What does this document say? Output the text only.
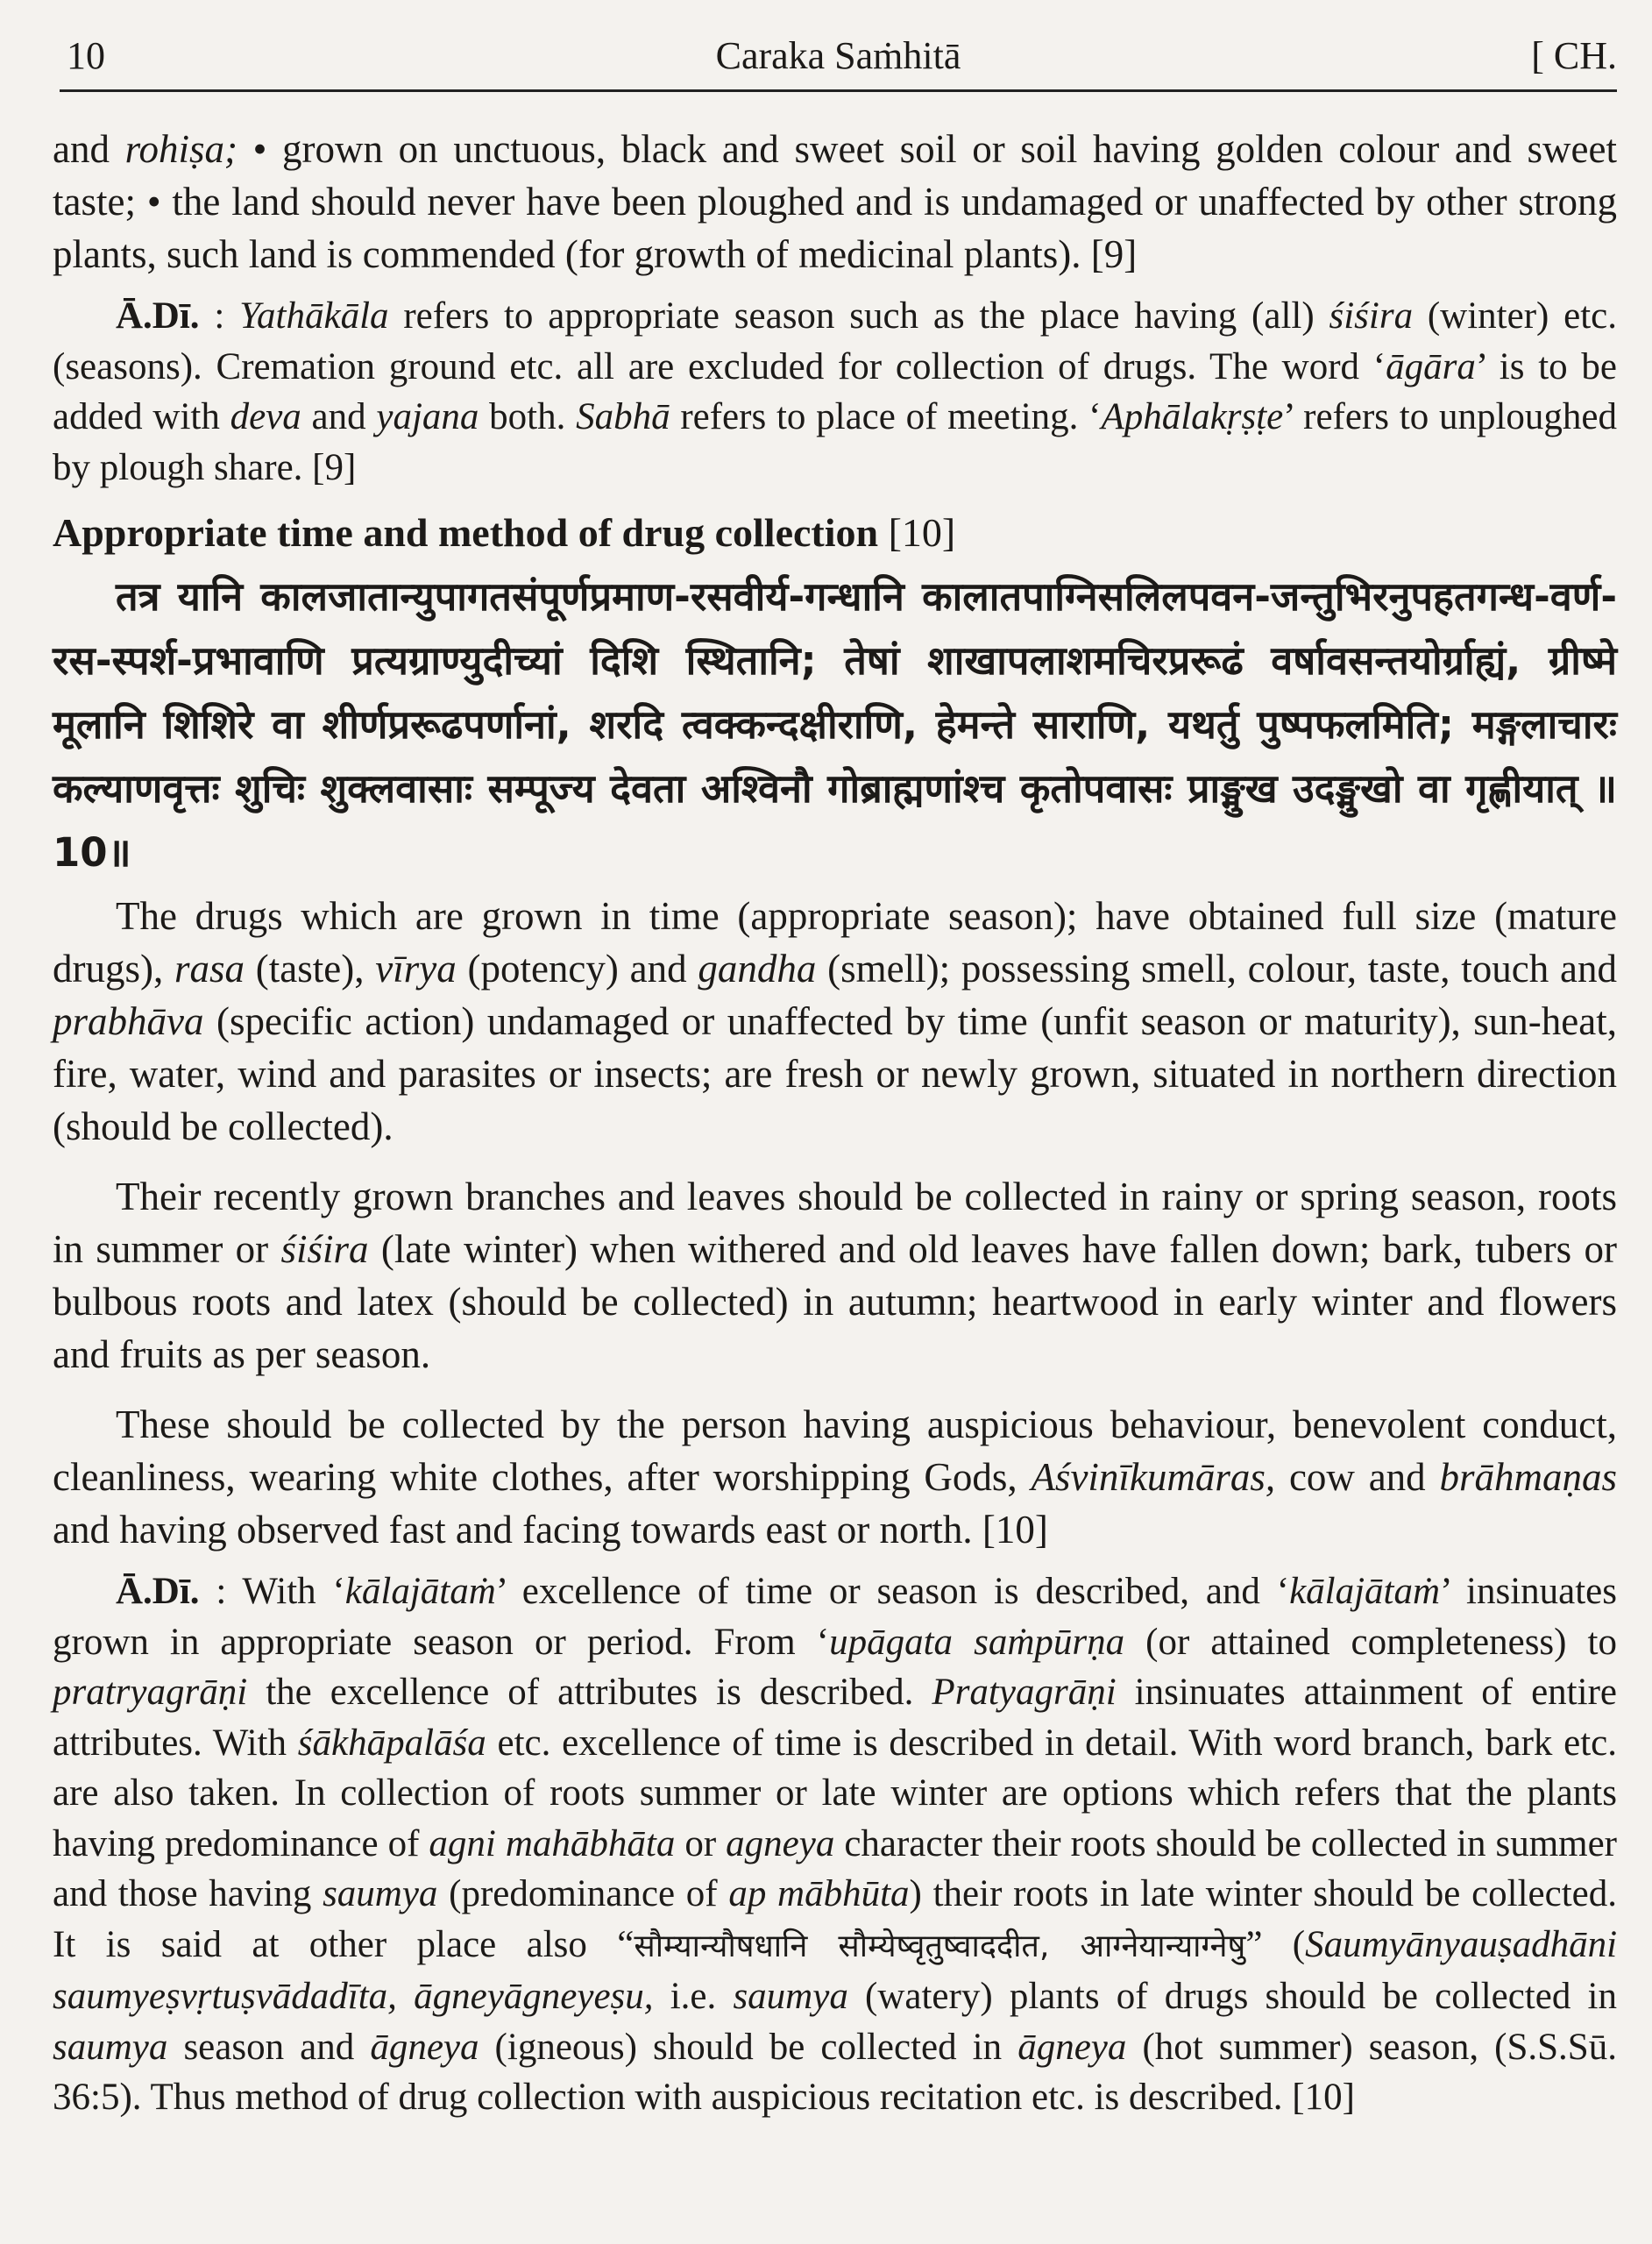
10	Caraka Saṁhitā	[ CH.

and rohiṣa; • grown on unctuous, black and sweet soil or soil having golden colour and sweet taste; • the land should never have been ploughed and is undamaged or unaffected by other strong plants, such land is commended (for growth of medicinal plants). [9]

Ā.Dī. : Yathākāla refers to appropriate season such as the place having (all) śiśira (winter) etc. (seasons). Cremation ground etc. all are excluded for collection of drugs. The word ‘āgāra’ is to be added with deva and yajana both. Sabhā refers to place of meeting. ‘Aphālakṛṣṭe’ refers to unploughed by plough share. [9]

Appropriate time and method of drug collection [10]

तत्र यानि कालजातान्युपागतसंपूर्णप्रमाण-रसवीर्य-गन्धानि कालातपाग्निसलिलपवन-जन्तुभिरनुपहतगन्ध-वर्ण-रस-स्पर्श-प्रभावाणि प्रत्यग्राण्युदीच्यां दिशि स्थितानि; तेषां शाखापलाशमचिरप्ररूढं वर्षावसन्तयोर्ग्राह्यं, ग्रीष्मे मूलानि शिशिरे वा शीर्णप्ररूढपर्णानां, शरदि त्वक्कन्दक्षीराणि, हेमन्ते साराणि, यथर्तु पुष्पफलमिति; मङ्गलाचारः कल्याणवृत्तः शुचिः शुक्लवासाः सम्पूज्य देवता अश्विनौ गोब्राह्मणांश्च कृतोपवासः प्राङ्मुख उदङ्मुखो वा गृह्णीयात् ॥10॥

The drugs which are grown in time (appropriate season); have obtained full size (mature drugs), rasa (taste), vīrya (potency) and gandha (smell); possessing smell, colour, taste, touch and prabhāva (specific action) undamaged or unaffected by time (unfit season or maturity), sun-heat, fire, water, wind and parasites or insects; are fresh or newly grown, situated in northern direction (should be collected).

Their recently grown branches and leaves should be collected in rainy or spring season, roots in summer or śiśira (late winter) when withered and old leaves have fallen down; bark, tubers or bulbous roots and latex (should be collected) in autumn; heartwood in early winter and flowers and fruits as per season.

These should be collected by the person having auspicious behaviour, benevolent conduct, cleanliness, wearing white clothes, after worshipping Gods, Aśvinīkumāras, cow and brāhmaṇas and having observed fast and facing towards east or north. [10]

Ā.Dī. : With ‘kālajātaṁ’ excellence of time or season is described, and ‘kālajātaṁ’ insinuates grown in appropriate season or period. From ‘upāgata saṁpūrṇa (or attained completeness) to pratryagrāṇi the excellence of attributes is described. Pratyagrāṇi insinuates attainment of entire attributes. With śākhāpalāśa etc. excellence of time is described in detail. With word branch, bark etc. are also taken. In collection of roots summer or late winter are options which refers that the plants having predominance of agni mahābhāta or agneya character their roots should be collected in summer and those having saumya (predominance of ap mābhūta) their roots in late winter should be collected. It is said at other place also “सौम्यान्यौषधानि सौम्येष्वृतुष्वाददीत, आग्नेयान्याग्नेषु” (Saumyānyauṣadhāni saumyeṣvṛtuṣvādadīta, āgneyāgneyeṣu, i.e. saumya (watery) plants of drugs should be collected in saumya season and āgneya (igneous) should be collected in āgneya (hot summer) season, (S.S.Sū. 36:5). Thus method of drug collection with auspicious recitation etc. is described. [10]
